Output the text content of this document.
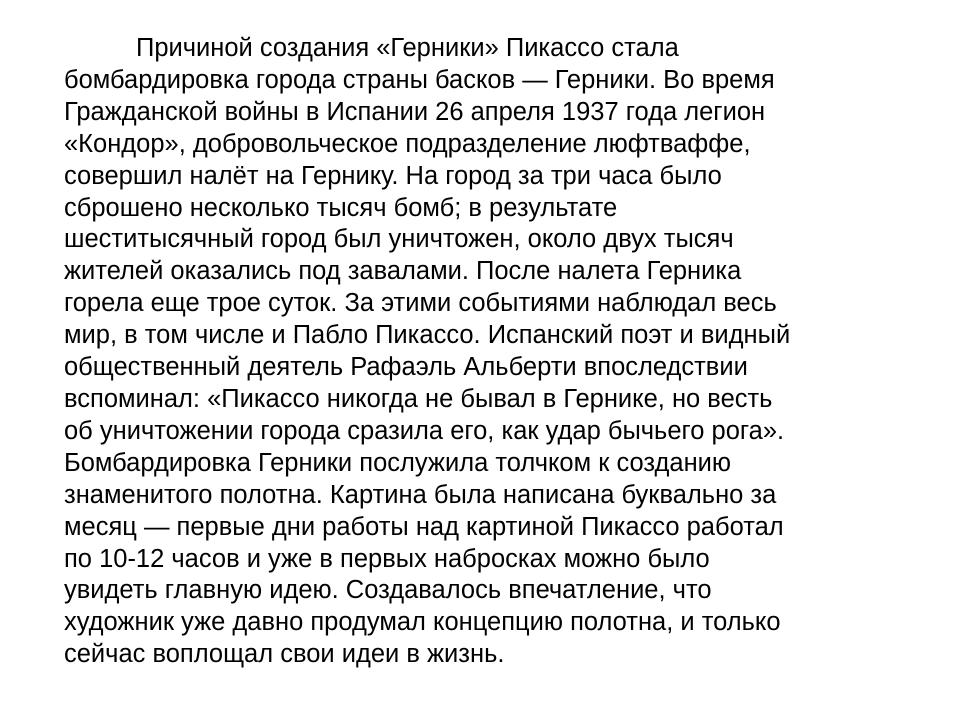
Причиной создания «Герники» Пикассо стала
бомбардировка города страны басков — Герники. Во время
Гражданской войны в Испании 26 апреля 1937 года легион
«Кондор», добровольческое подразделение люфтваффе,
совершил налёт на Гернику. На город за три часа было
сброшено несколько тысяч бомб; в результате
шеститысячный город был уничтожен, около двух тысяч
жителей оказались под завалами. После налета Герника
горела еще трое суток. За этими событиями наблюдал весь
мир, в том числе и Пабло Пикассо. Испанский поэт и видный
общественный деятель Рафаэль Альберти впоследствии
вспоминал: «Пикассо никогда не бывал в Гернике, но весть
об уничтожении города сразила его, как удар бычьего рога».
Бомбардировка Герники послужила толчком к созданию
знаменитого полотна. Картина была написана буквально за
месяц — первые дни работы над картиной Пикассо работал
по 10-12 часов и уже в первых набросках можно было
увидеть главную идею. Создавалось впечатление, что
художник уже давно продумал концепцию полотна, и только
сейчас воплощал свои идеи в жизнь.
